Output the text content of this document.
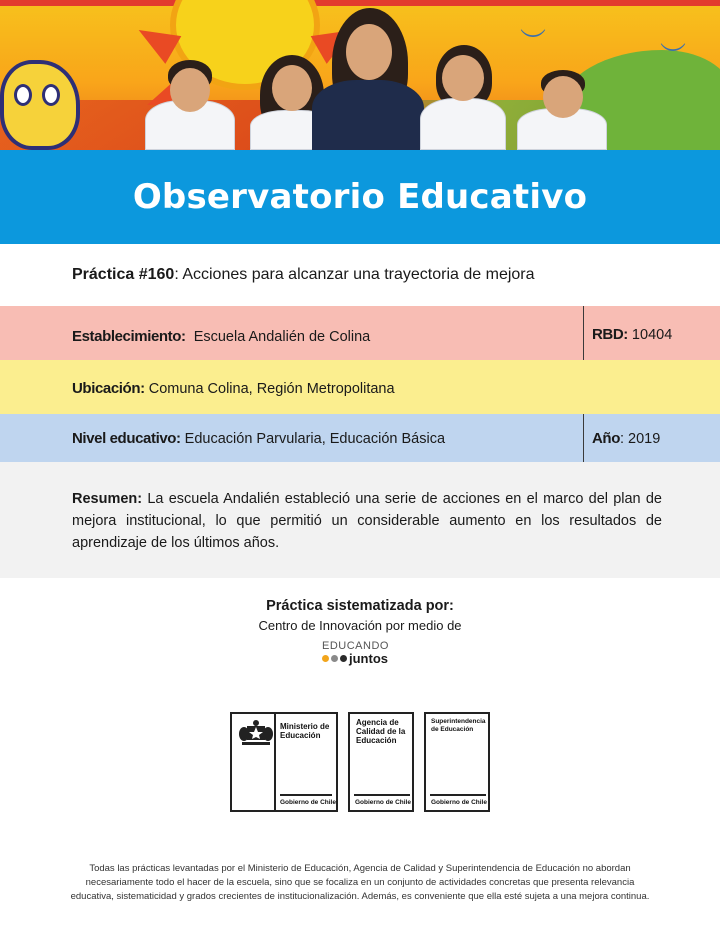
︶	︶
Observatorio Educativo
Práctica #160: Acciones para alcanzar una trayectoria de mejora
Establecimiento:  Escuela Andalién de Colina	RBD: 10404
Ubicación: Comuna Colina, Región Metropolitana
Nivel educativo: Educación Parvularia, Educación Básica	Año: 2019

Resumen: La escuela Andalién estableció una serie de acciones en el marco del plan de mejora institucional, lo que permitió un considerable aumento en los resultados de aprendizaje de los últimos años.

Práctica sistematizada por:
Centro de Innovación por medio de
EDUCANDO
juntos
Ministerio de Educación
Gobierno de Chile
Agencia de Calidad de la Educación
Gobierno de Chile
Superintendencia de Educación
Gobierno de Chile
Todas las prácticas levantadas por el Ministerio de Educación, Agencia de Calidad y Superintendencia de Educación no abordan necesariamente todo el hacer de la escuela, sino que se focaliza en un conjunto de actividades concretas que presenta relevancia educativa, sistematicidad y grados crecientes de institucionalización. Además, es conveniente que ella esté sujeta a una mejora continua.
